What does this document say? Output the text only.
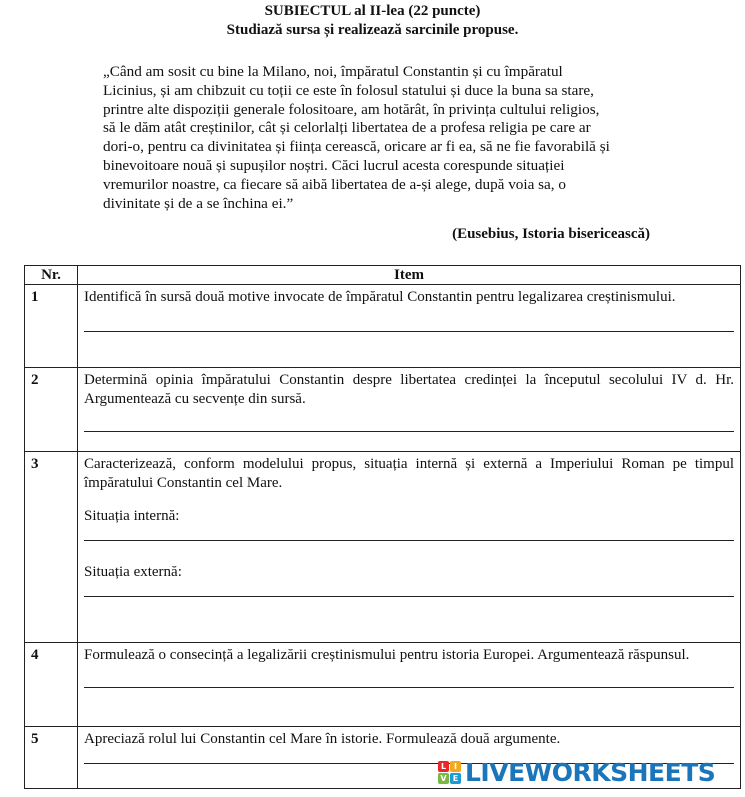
SUBIECTUL al II-lea (22 puncte)
Studiază sursa și realizează sarcinile propuse.
„Când am sosit cu bine la Milano, noi, împăratul Constantin și cu împăratul
Licinius, și am chibzuit cu toții ce este în folosul statului și duce la buna sa stare,
printre alte dispoziții generale folositoare, am hotărât, în privința cultului religios,
să le dăm atât creștinilor, cât și celorlalți libertatea de a profesa religia pe care ar
dori-o, pentru ca divinitatea și ființa cerească, oricare ar fi ea, să ne fie favorabilă și
binevoitoare nouă și supușilor noștri. Căci lucrul acesta corespunde situației
vremurilor noastre, ca fiecare să aibă libertatea de a-și alege, după voia sa, o
divinitate și de a se închina ei.”
(Eusebius, Istoria bisericească)
Nr.	Item
1	Identifică în sursă două motive invocate de împăratul Constantin pentru legalizarea creștinismului.

2	Determină opinia împăratului Constantin despre libertatea credinței la începutul secolului IV d. Hr. Argumentează cu secvențe din sursă.

3	Caracterizează, conform modelului propus, situația internă și externă a Imperiului Roman pe timpul împăratului Constantin cel Mare.
Situația internă:
Situația externă:

4	Formulează o consecință a legalizării creștinismului pentru istoria Europei. Argumentează răspunsul.

5	Apreciază rolul lui Constantin cel Mare în istorie. Formulează două argumente.
L I
V E LIVEWORKSHEETS
